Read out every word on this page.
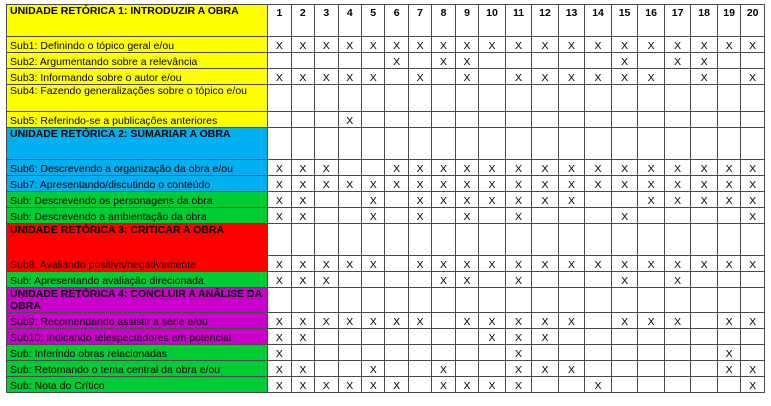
UNIDADE RETÓRICA 1: INTRODUZIR A OBRA	1	2	3	4	5	6	7	8	9	10	11	12	13	14	15	16	17	18	19	20
Sub1: Definindo o tópico geral e/ou	X	X	X	X	X	X	X	X	X	X	X	X	X	X	X	X	X	X	X	X
Sub2: Argumentando sobre a relevância						X		X	X						X		X	X		
Sub3: Informando sobre o autor e/ou	X	X	X	X	X		X		X		X	X	X	X	X	X		X		X
Sub4: Fazendo generalizações sobre o tópico e/ou																				
Sub5: Referindo-se a publicações anteriores				X																
UNIDADE RETÓRICA 2: SUMARIAR A OBRA																				
Sub6: Descrevendo a organização da obra e/ou	X	X	X			X	X	X	X	X	X	X	X	X	X	X	X	X	X	X
Sub7: Apresentando/discutindo o conteúdo	X	X	X	X	X	X	X	X	X	X	X	X	X	X	X	X	X	X	X	X
Sub: Descrevendo os personagens da obra	X	X			X		X	X	X	X	X	X	X			X	X	X	X	X
Sub: Descrevendo a ambientação da obra	X	X			X		X		X		X				X					X
UNIDADE RETÓRICA 3: CRITICAR A OBRA																				
Sub8. Avaliando positiva/negativamente	X	X	X	X	X		X	X	X	X	X	X	X	X	X	X	X	X	X	X
Sub: Apresentando avaliação direcionada	X	X	X					X	X		X				X		X			
UNIDADE RETÓRICA 4: CONCLUIR A ANÁLISE DA OBRA																				
Sub9: Recomendando assistir a série e/ou	X	X	X	X	X	X	X		X	X	X	X	X		X	X	X		X	X
Sub10: Indicando telespectadores em potencial	X	X								X	X	X								
Sub: Inferindo obras relacionadas	X										X								X	
Sub: Retomando o tema central da obra e/ou	X	X			X			X			X	X	X						X	X
Sub: Nota do Crítico	X	X	X	X	X	X		X	X	X	X			X						X
